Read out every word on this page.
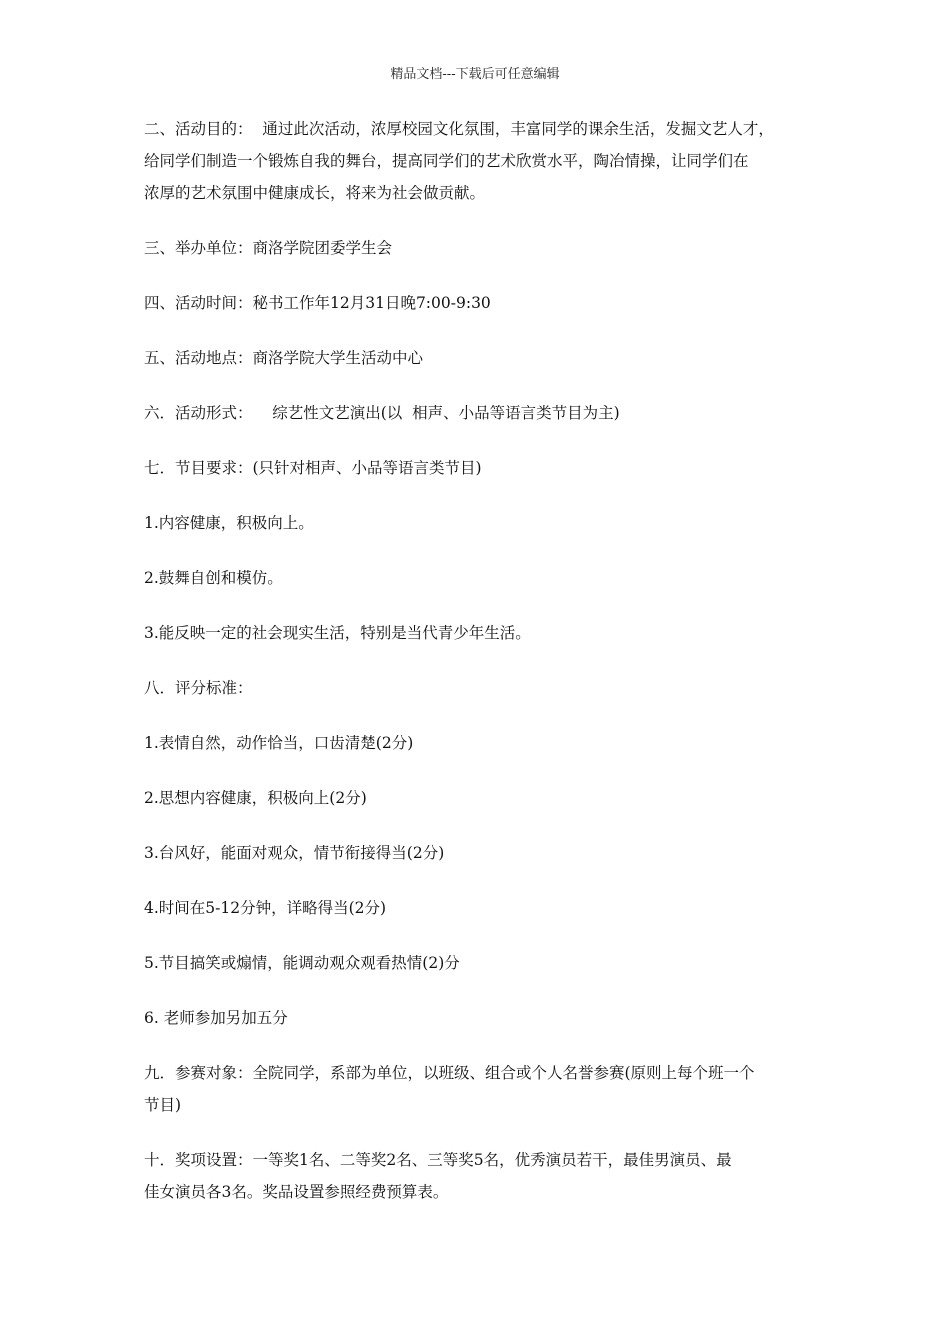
精品文档---下载后可任意编辑
二、活动目的：  通过此次活动，浓厚校园文化氛围，丰富同学的课余生活，发掘文艺人才，
给同学们制造一个锻炼自我的舞台，提高同学们的艺术欣赏水平，陶冶情操，让同学们在
浓厚的艺术氛围中健康成长，将来为社会做贡献。
三、举办单位：商洛学院团委学生会
四、活动时间：秘书工作年12月31日晚7:00-9:30
五、活动地点：商洛学院大学生活动中心
六．活动形式：    综艺性文艺演出(以  相声、小品等语言类节目为主)
七．节目要求：(只针对相声、小品等语言类节目)
1.内容健康，积极向上。
2.鼓舞自创和模仿。
3.能反映一定的社会现实生活，特别是当代青少年生活。
八．评分标准：
1.表情自然，动作恰当，口齿清楚(2分)
2.思想内容健康，积极向上(2分)
3.台风好，能面对观众，情节衔接得当(2分)
4.时间在5-12分钟，详略得当(2分)
5.节目搞笑或煽情，能调动观众观看热情(2)分
6. 老师参加另加五分
九．参赛对象：全院同学，系部为单位，以班级、组合或个人名誉参赛(原则上每个班一个
节目)
十．奖项设置：一等奖1名、二等奖2名、三等奖5名，优秀演员若干，最佳男演员、最
佳女演员各3名。奖品设置参照经费预算表。
